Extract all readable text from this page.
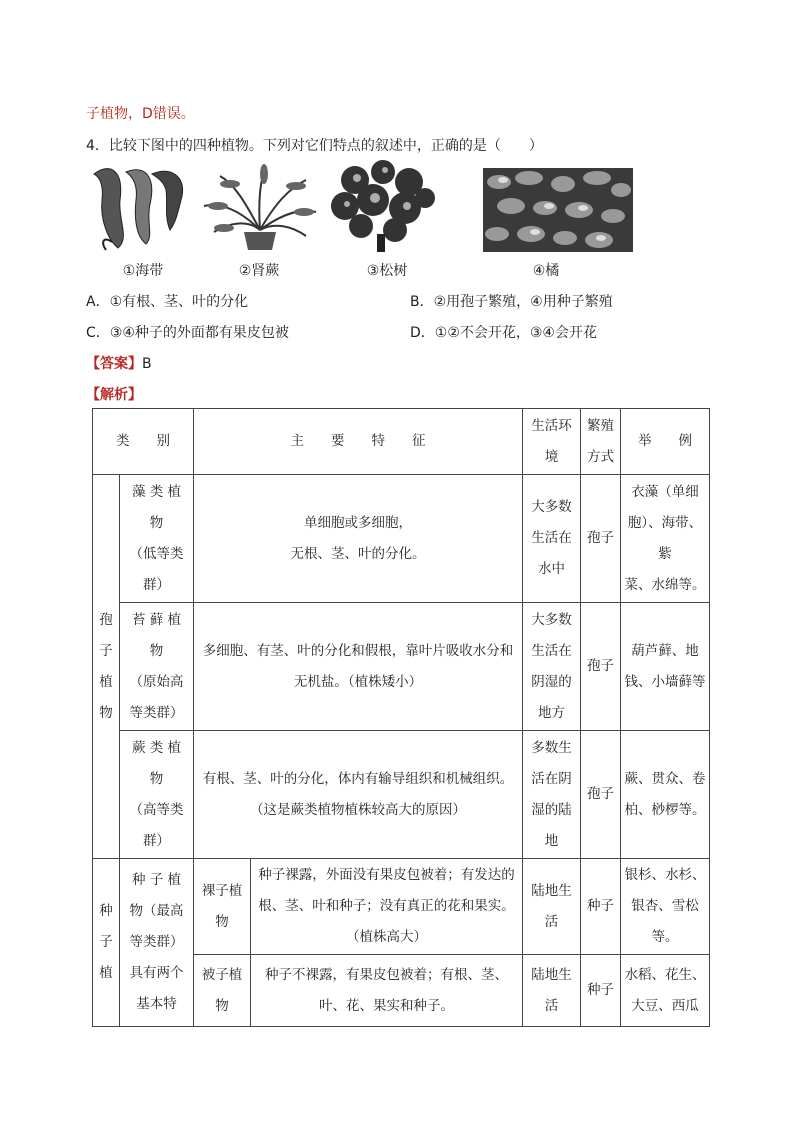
子植物，D错误。
4．比较下图中的四种植物。下列对它们特点的叙述中，正确的是（　　）
①海带	②肾蕨	③松树	④橘
A．①有根、茎、叶的分化	B．②用孢子繁殖，④用种子繁殖
C．③④种子的外面都有果皮包被	D．①②不会开花，③④会开花
【答案】B
【解析】
类　　别		主　　要　　特　　征		生活环
境	繁殖
方式	举　　例

孢
子
植
物	藻 类 植
物
（低等类
群）	单细胞或多细胞，
无根、茎、叶的分化。		大多数
生活在
水中	孢子	衣藻（单细
胞）、海带、紫
菜、水绵等。

	苔 藓 植
物
（原始高
等类群）	多细胞、有茎、叶的分化和假根，靠叶片吸收水分和
无机盐。（植株矮小）		大多数
生活在
阴湿的
地方	孢子	葫芦藓、地
钱、小墙藓等

	蕨 类 植
物
（高等类
群）	有根、茎、叶的分化，体内有输导组织和机械组织。
（这是蕨类植物植株较高大的原因）		多数生
活在阴
湿的陆
地	孢子	蕨、贯众、卷
柏、桫椤等。

种
子
植	种 子 植
物（最高
等类群）
具有两个
基本特	裸子植物	种子裸露，外面没有果皮包被着；有发达的
根、茎、叶和种子；没有真正的花和果实。
（植株高大）	陆地生
活	种子	银杉、水杉、
银杏、雪松
等。

		被子植物	种子不裸露，有果皮包被着；有根、茎、
叶、花、果实和种子。	陆地生
活	种子	水稻、花生、
大豆、西瓜
